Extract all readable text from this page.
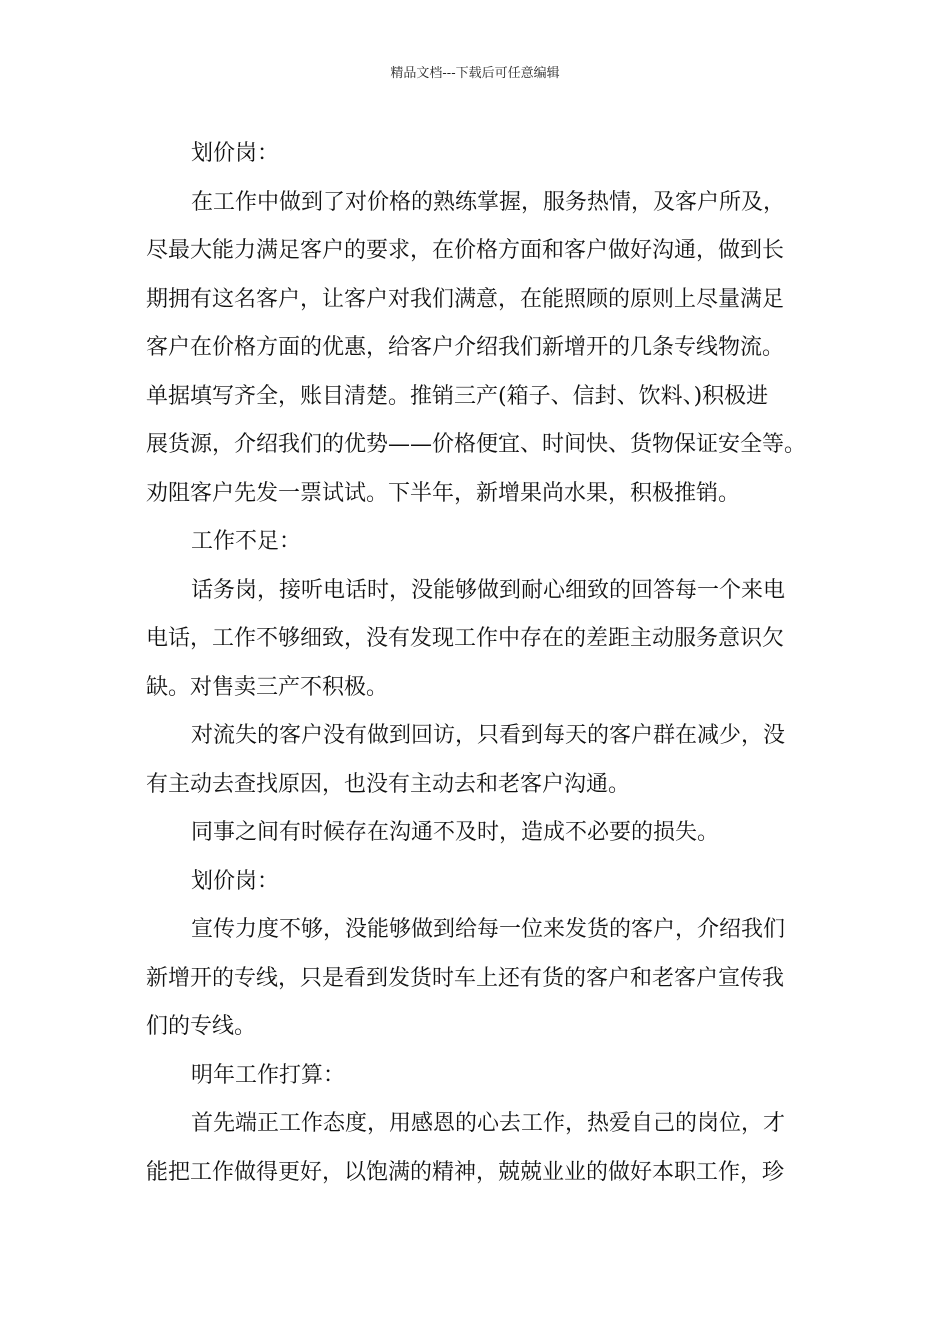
精品文档---下载后可任意编辑
划价岗：
在工作中做到了对价格的熟练掌握，服务热情，及客户所及，
尽最大能力满足客户的要求，在价格方面和客户做好沟通，做到长
期拥有这名客户，让客户对我们满意，在能照顾的原则上尽量满足
客户在价格方面的优惠，给客户介绍我们新增开的几条专线物流。
单据填写齐全，账目清楚。推销三产(箱子、信封、饮料、)积极进
展货源，介绍我们的优势——价格便宜、时间快、货物保证安全等。
劝阻客户先发一票试试。下半年，新增果尚水果，积极推销。
工作不足：
话务岗，接听电话时，没能够做到耐心细致的回答每一个来电
电话，工作不够细致，没有发现工作中存在的差距主动服务意识欠
缺。对售卖三产不积极。
对流失的客户没有做到回访，只看到每天的客户群在减少，没
有主动去查找原因，也没有主动去和老客户沟通。
同事之间有时候存在沟通不及时，造成不必要的损失。
划价岗：
宣传力度不够，没能够做到给每一位来发货的客户，介绍我们
新增开的专线，只是看到发货时车上还有货的客户和老客户宣传我
们的专线。
明年工作打算：
首先端正工作态度，用感恩的心去工作，热爱自己的岗位，才
能把工作做得更好，以饱满的精神，兢兢业业的做好本职工作，珍
